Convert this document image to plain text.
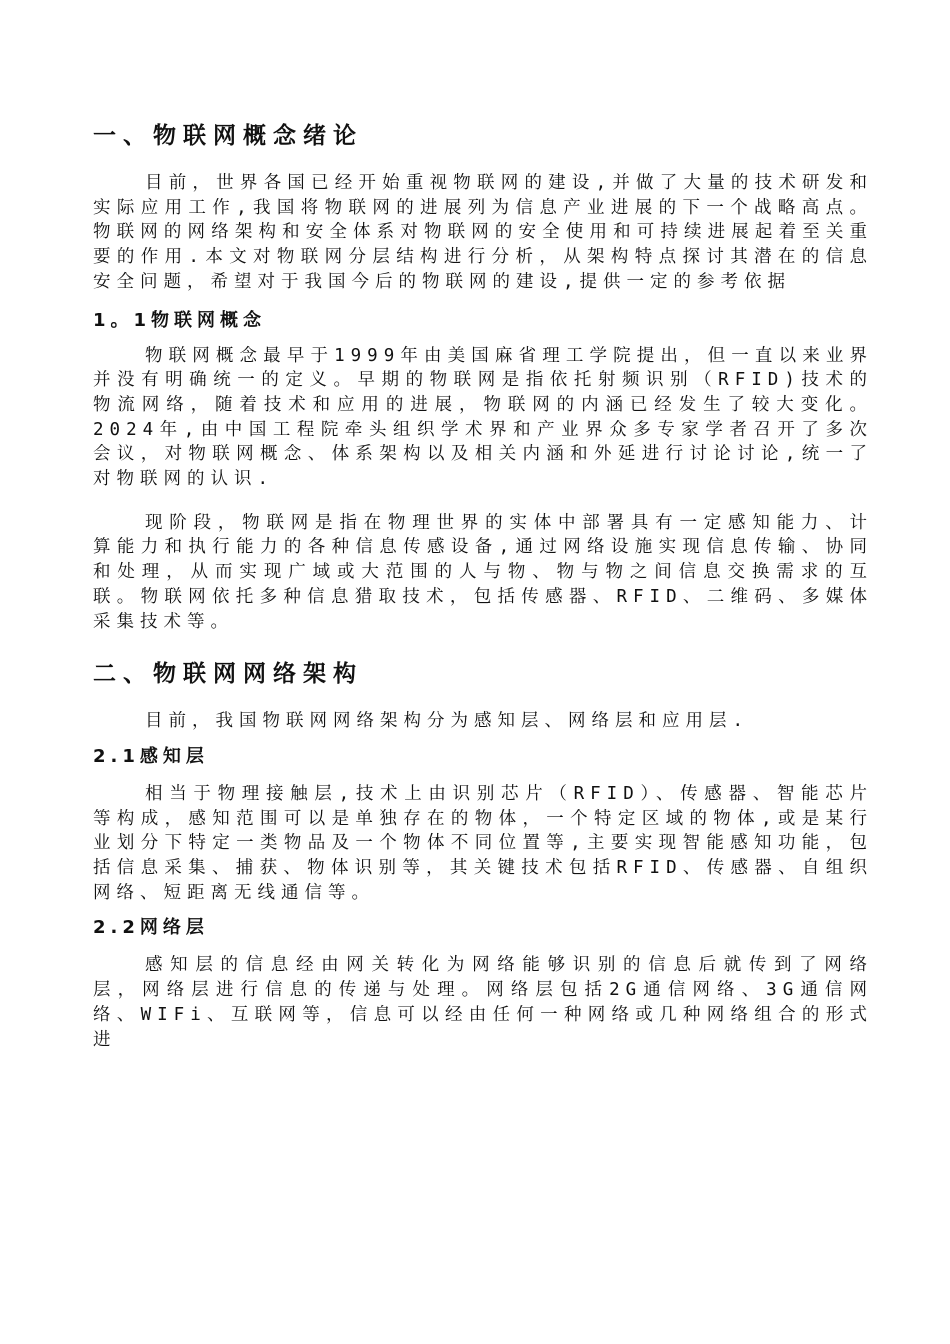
一、物联网概念绪论

目前，世界各国已经开始重视物联网的建设,并做了大量的技术研发和实际应用工作,我国将物联网的进展列为信息产业进展的下一个战略高点。物联网的网络架构和安全体系对物联网的安全使用和可持续进展起着至关重要的作用.本文对物联网分层结构进行分析，从架构特点探讨其潜在的信息安全问题，希望对于我国今后的物联网的建设,提供一定的参考依据

1。1物联网概念

物联网概念最早于1999年由美国麻省理工学院提出，但一直以来业界并没有明确统一的定义。早期的物联网是指依托射频识别（RFID)技术的物流网络，随着技术和应用的进展，物联网的内涵已经发生了较大变化。2024年,由中国工程院牵头组织学术界和产业界众多专家学者召开了多次会议，对物联网概念、体系架构以及相关内涵和外延进行讨论讨论,统一了对物联网的认识.

现阶段，物联网是指在物理世界的实体中部署具有一定感知能力、计算能力和执行能力的各种信息传感设备,通过网络设施实现信息传输、协同和处理，从而实现广域或大范围的人与物、物与物之间信息交换需求的互联。物联网依托多种信息猎取技术，包括传感器、RFID、二维码、多媒体采集技术等。

二、物联网网络架构

目前，我国物联网网络架构分为感知层、网络层和应用层.

2.1感知层

相当于物理接触层,技术上由识别芯片（RFID）、传感器、智能芯片等构成，感知范围可以是单独存在的物体，一个特定区域的物体,或是某行业划分下特定一类物品及一个物体不同位置等,主要实现智能感知功能，包括信息采集、捕获、物体识别等，其关键技术包括RFID、传感器、自组织网络、短距离无线通信等。

2.2网络层

感知层的信息经由网关转化为网络能够识别的信息后就传到了网络层，网络层进行信息的传递与处理。网络层包括2G通信网络、3G通信网络、WIFi、互联网等，信息可以经由任何一种网络或几种网络组合的形式进
